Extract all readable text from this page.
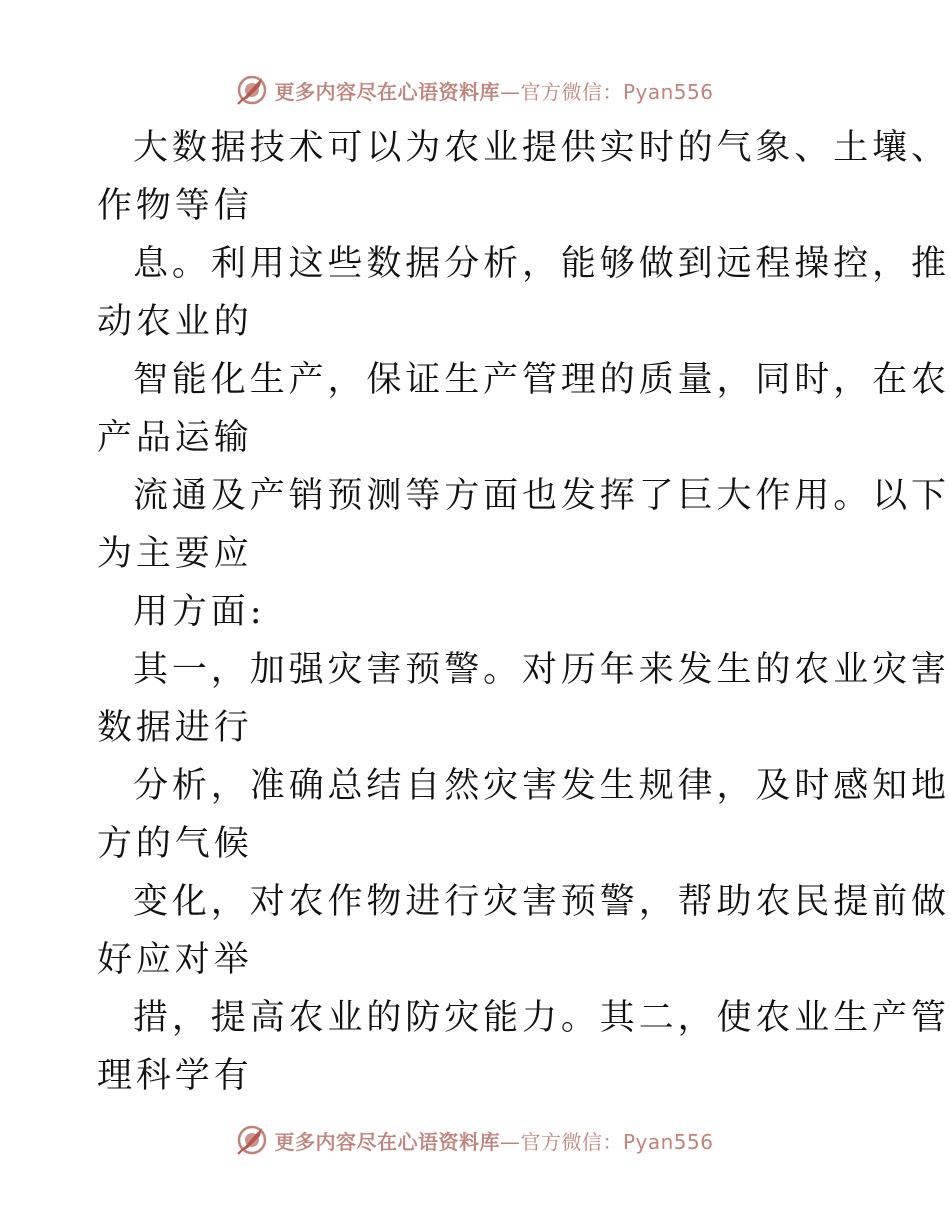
更多内容尽在心语资料库—官方微信：Pyan556
大数据技术可以为农业提供实时的气象、土壤、
作物等信
息。利用这些数据分析，能够做到远程操控，推
动农业的
智能化生产，保证生产管理的质量，同时，在农
产品运输
流通及产销预测等方面也发挥了巨大作用。以下
为主要应
用方面:
其一，加强灾害预警。对历年来发生的农业灾害
数据进行
分析，准确总结自然灾害发生规律，及时感知地
方的气候
变化，对农作物进行灾害预警，帮助农民提前做
好应对举
措，提高农业的防灾能力。其二，使农业生产管
理科学有
更多内容尽在心语资料库—官方微信：Pyan556
